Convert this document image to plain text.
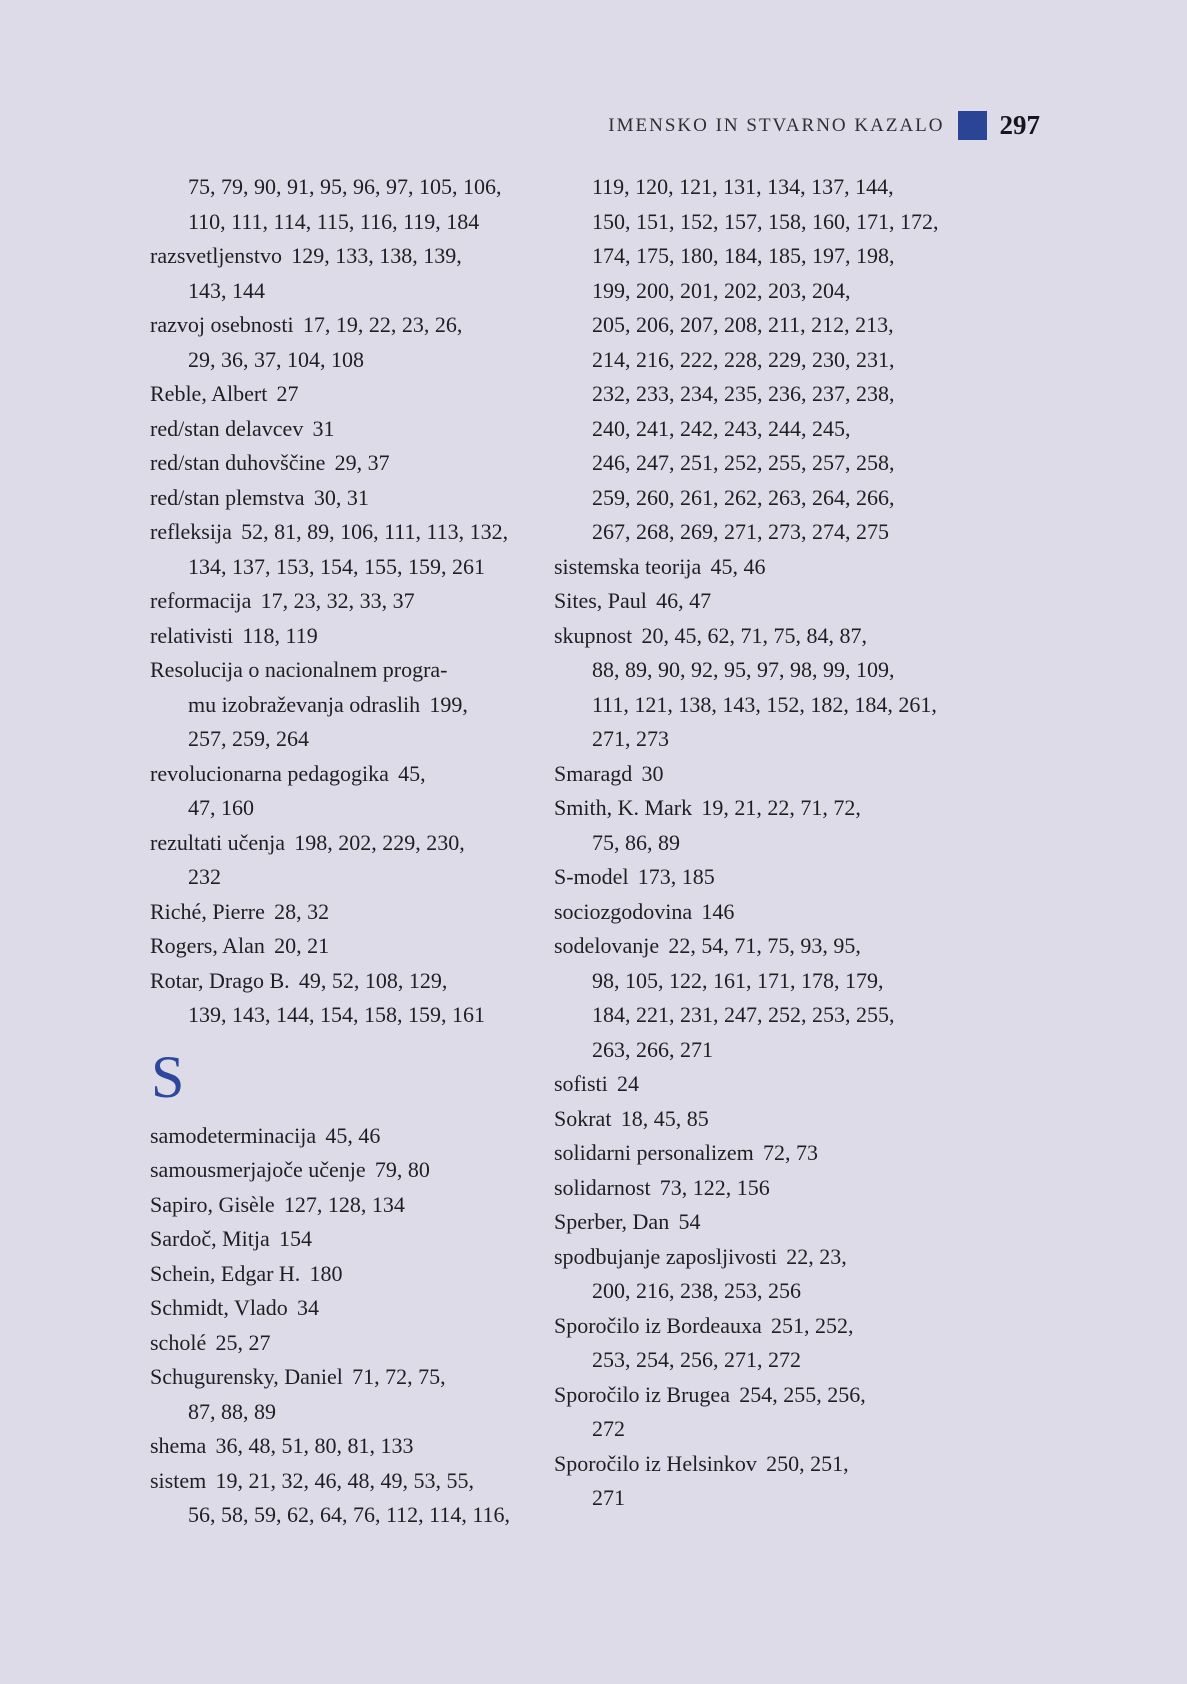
IMENSKO IN STVARNO KAZALO 297
75, 79, 90, 91, 95, 96, 97, 105, 106,
110, 111, 114, 115, 116, 119, 184
razsvetljenstvo 129, 133, 138, 139,
143, 144
razvoj osebnosti 17, 19, 22, 23, 26,
29, 36, 37, 104, 108
Reble, Albert 27
red/stan delavcev 31
red/stan duhovščine 29, 37
red/stan plemstva 30, 31
refleksija 52, 81, 89, 106, 111, 113, 132,
134, 137, 153, 154, 155, 159, 261
reformacija 17, 23, 32, 33, 37
relativisti 118, 119
Resolucija o nacionalnem progra-
mu izobraževanja odraslih 199,
257, 259, 264
revolucionarna pedagogika 45,
47, 160
rezultati učenja 198, 202, 229, 230,
232
Riché, Pierre 28, 32
Rogers, Alan 20, 21
Rotar, Drago B. 49, 52, 108, 129,
139, 143, 144, 154, 158, 159, 161
S
samodeterminacija 45, 46
samousmerjajoče učenje 79, 80
Sapiro, Gisèle 127, 128, 134
Sardoč, Mitja 154
Schein, Edgar H. 180
Schmidt, Vlado 34
scholé 25, 27
Schugurensky, Daniel 71, 72, 75,
87, 88, 89
shema 36, 48, 51, 80, 81, 133
sistem 19, 21, 32, 46, 48, 49, 53, 55,
56, 58, 59, 62, 64, 76, 112, 114, 116,
119, 120, 121, 131, 134, 137, 144,
150, 151, 152, 157, 158, 160, 171, 172,
174, 175, 180, 184, 185, 197, 198,
199, 200, 201, 202, 203, 204,
205, 206, 207, 208, 211, 212, 213,
214, 216, 222, 228, 229, 230, 231,
232, 233, 234, 235, 236, 237, 238,
240, 241, 242, 243, 244, 245,
246, 247, 251, 252, 255, 257, 258,
259, 260, 261, 262, 263, 264, 266,
267, 268, 269, 271, 273, 274, 275
sistemska teorija 45, 46
Sites, Paul 46, 47
skupnost 20, 45, 62, 71, 75, 84, 87,
88, 89, 90, 92, 95, 97, 98, 99, 109,
111, 121, 138, 143, 152, 182, 184, 261,
271, 273
Smaragd 30
Smith, K. Mark 19, 21, 22, 71, 72,
75, 86, 89
S-model 173, 185
sociozgodovina 146
sodelovanje 22, 54, 71, 75, 93, 95,
98, 105, 122, 161, 171, 178, 179,
184, 221, 231, 247, 252, 253, 255,
263, 266, 271
sofisti 24
Sokrat 18, 45, 85
solidarni personalizem 72, 73
solidarnost 73, 122, 156
Sperber, Dan 54
spodbujanje zaposljivosti 22, 23,
200, 216, 238, 253, 256
Sporočilo iz Bordeauxa 251, 252,
253, 254, 256, 271, 272
Sporočilo iz Brugea 254, 255, 256,
272
Sporočilo iz Helsinkov 250, 251,
271
